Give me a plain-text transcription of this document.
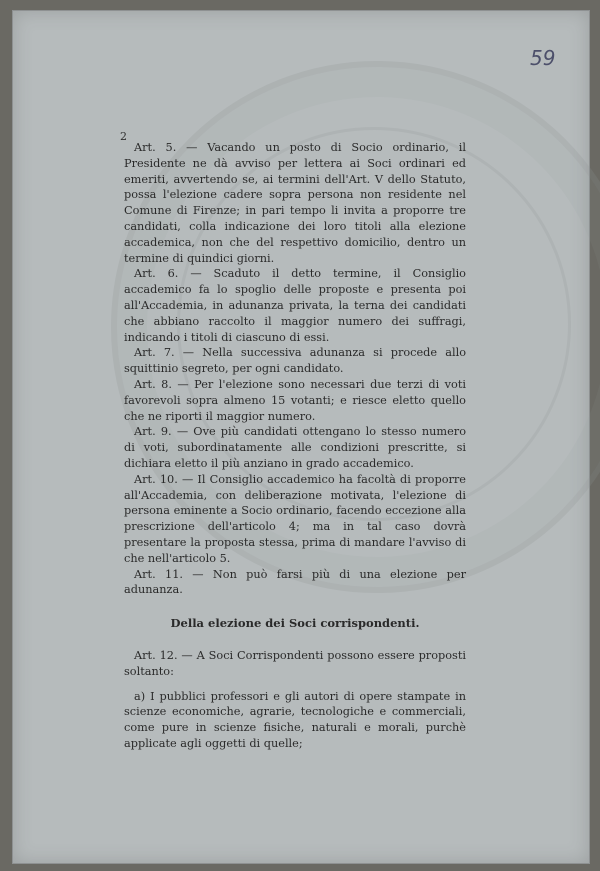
59
2

Art. 5. — Vacando un posto di Socio ordinario, il Presidente ne dà avviso per lettera ai Soci ordinari ed emeriti, avvertendo se, ai termini dell'Art. V dello Statuto, possa l'elezione cadere sopra persona non residente nel Comune di Firenze; in pari tempo li invita a proporre tre candidati, colla indicazione dei loro titoli alla elezione accademica, non che del respettivo domicilio, dentro un termine di quindici giorni.

Art. 6. — Scaduto il detto termine, il Consiglio accademico fa lo spoglio delle proposte e presenta poi all'Accademia, in adunanza privata, la terna dei candidati che abbiano raccolto il maggior numero dei suffragi, indicando i titoli di ciascuno di essi.

Art. 7. — Nella successiva adunanza si procede allo squittinio segreto, per ogni candidato.

Art. 8. — Per l'elezione sono necessari due terzi di voti favorevoli sopra almeno 15 votanti; e riesce eletto quello che ne riporti il maggior numero.

Art. 9. — Ove più candidati ottengano lo stesso numero di voti, subordinatamente alle condizioni prescritte, si dichiara eletto il più anziano in grado accademico.

Art. 10. — Il Consiglio accademico ha facoltà di proporre all'Accademia, con deliberazione motivata, l'elezione di persona eminente a Socio ordinario, facendo eccezione alla prescrizione dell'articolo 4; ma in tal caso dovrà presentare la proposta stessa, prima di mandare l'avviso di che nell'articolo 5.

Art. 11. — Non può farsi più di una elezione per adunanza.

Della elezione dei Soci corrispondenti.

Art. 12. — A Soci Corrispondenti possono essere proposti soltanto:

a) I pubblici professori e gli autori di opere stampate in scienze economiche, agrarie, tecnologiche e commerciali, come pure in scienze fisiche, naturali e morali, purchè applicate agli oggetti di quelle;
